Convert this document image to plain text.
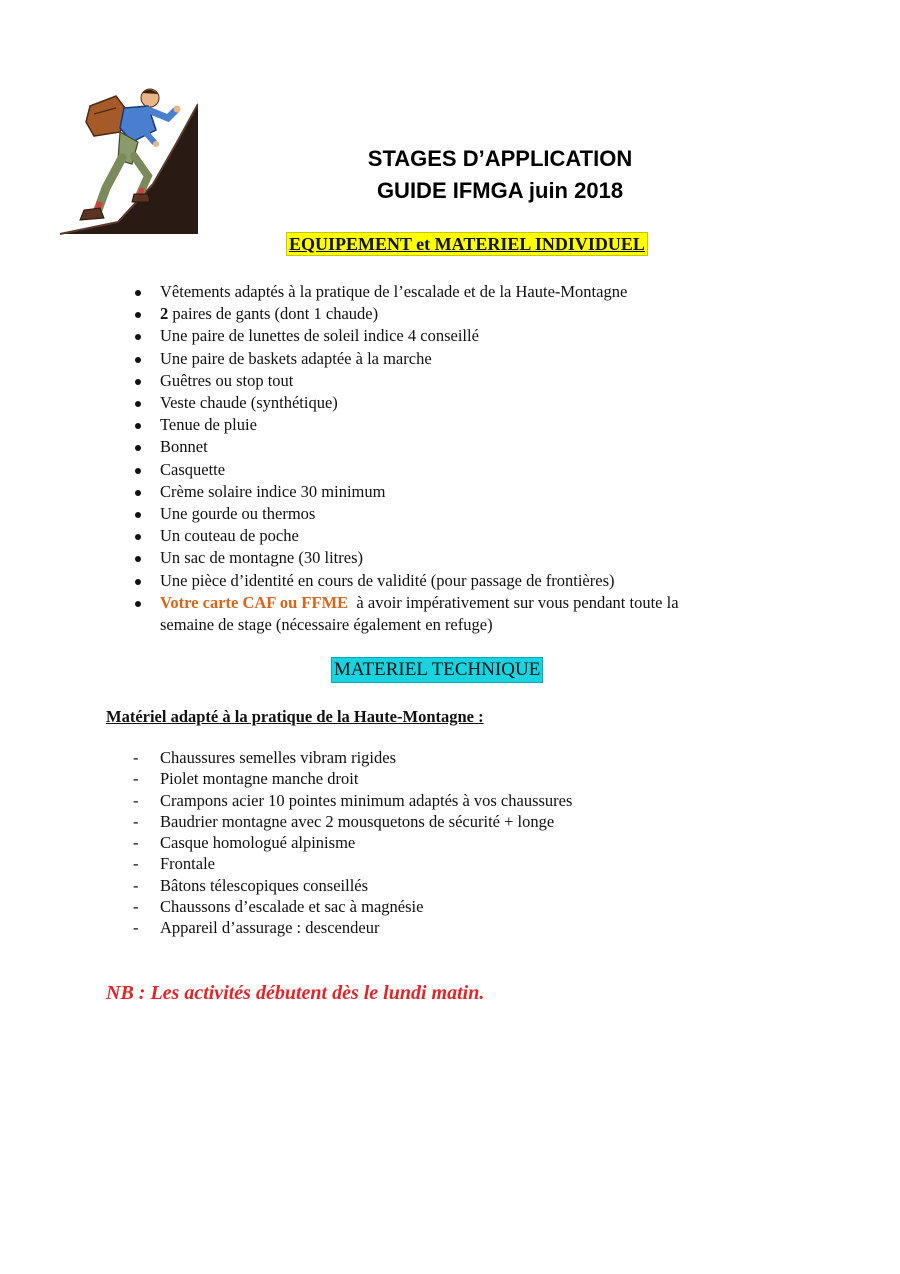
STAGES D’APPLICATION
GUIDE IFMGA juin 2018
EQUIPEMENT et MATERIEL INDIVIDUEL
Vêtements adaptés à la pratique de l’escalade et de la Haute-Montagne
2 paires de gants (dont 1 chaude)
Une paire de lunettes de soleil indice 4 conseillé
Une paire de baskets adaptée à la marche
Guêtres ou stop tout
Veste chaude (synthétique)
Tenue de pluie
Bonnet
Casquette
Crème solaire indice 30 minimum
Une gourde ou thermos
Un couteau de poche
Un sac de montagne (30 litres)
Une pièce d’identité en cours de validité (pour passage de frontières)
Votre carte CAF ou FFME à avoir impérativement sur vous pendant toute la
semaine de stage (nécessaire également en refuge)
MATERIEL TECHNIQUE
Matériel adapté à la pratique de la Haute-Montagne :
- Chaussures semelles vibram rigides
- Piolet montagne manche droit
- Crampons acier 10 pointes minimum adaptés à vos chaussures
- Baudrier montagne avec 2 mousquetons de sécurité + longe
- Casque homologué alpinisme
- Frontale
- Bâtons télescopiques conseillés
- Chaussons d’escalade et sac à magnésie
- Appareil d’assurage : descendeur
NB : Les activités débutent dès le lundi matin.
